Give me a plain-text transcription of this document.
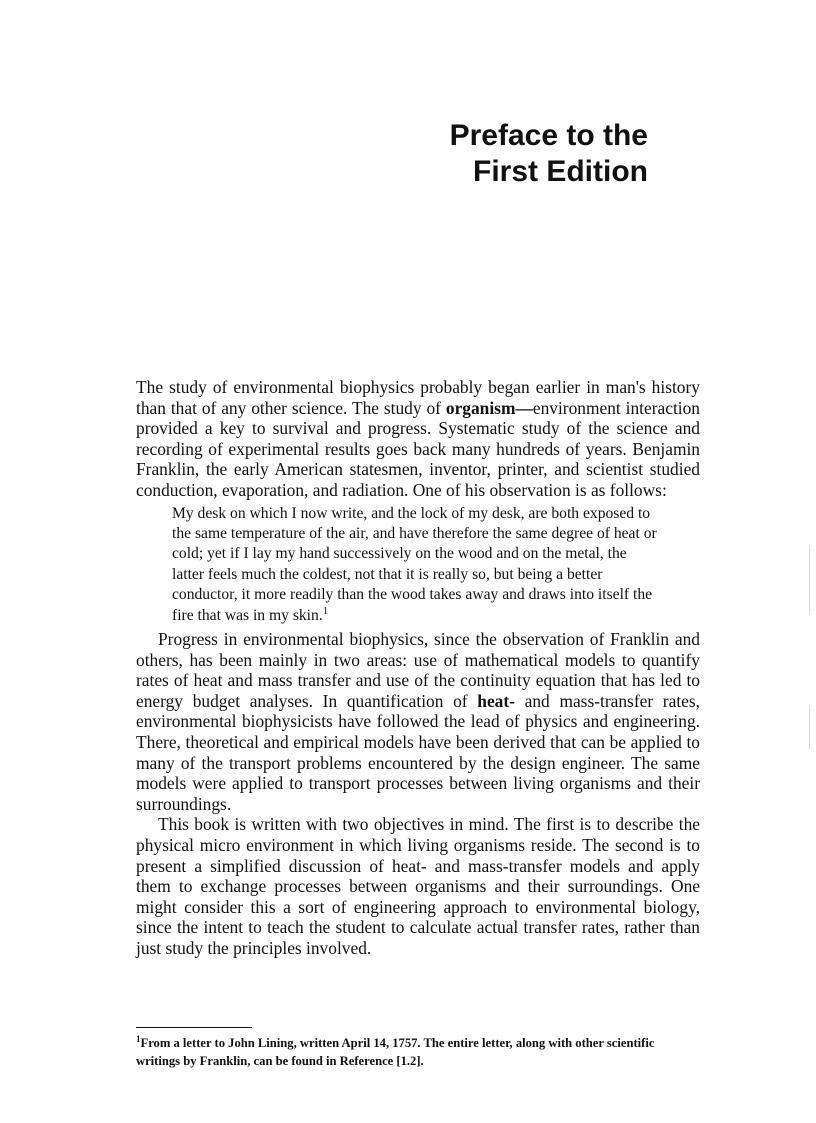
Preface to the
First Edition

The study of environmental biophysics probably began earlier in man's history than that of any other science. The study of organism—environment interaction provided a key to survival and progress. Systematic study of the science and recording of experimental results goes back many hundreds of years. Benjamin Franklin, the early American statesmen, inventor, printer, and scientist studied conduction, evaporation, and radiation. One of his observation is as follows:

My desk on which I now write, and the lock of my desk, are both exposed to the same temperature of the air, and have therefore the same degree of heat or cold; yet if I lay my hand successively on the wood and on the metal, the latter feels much the coldest, not that it is really so, but being a better conductor, it more readily than the wood takes away and draws into itself the fire that was in my skin.$^1$

Progress in environmental biophysics, since the observation of Franklin and others, has been mainly in two areas: use of mathematical models to quantify rates of heat and mass transfer and use of the continuity equation that has led to energy budget analyses. In quantification of heat- and mass-transfer rates, environmental biophysicists have followed the lead of physics and engineering. There, theoretical and empirical models have been derived that can be applied to many of the transport problems encountered by the design engineer. The same models were applied to transport processes between living organisms and their surroundings.

This book is written with two objectives in mind. The first is to describe the physical micro environment in which living organisms reside. The second is to present a simplified discussion of heat- and mass-transfer models and apply them to exchange processes between organisms and their surroundings. One might consider this a sort of engineering approach to environmental biology, since the intent to teach the student to calculate actual transfer rates, rather than just study the principles involved.

$^1$From a letter to John Lining, written April 14, 1757. The entire letter, along with other scientific writings by Franklin, can be found in Reference [1.2].
